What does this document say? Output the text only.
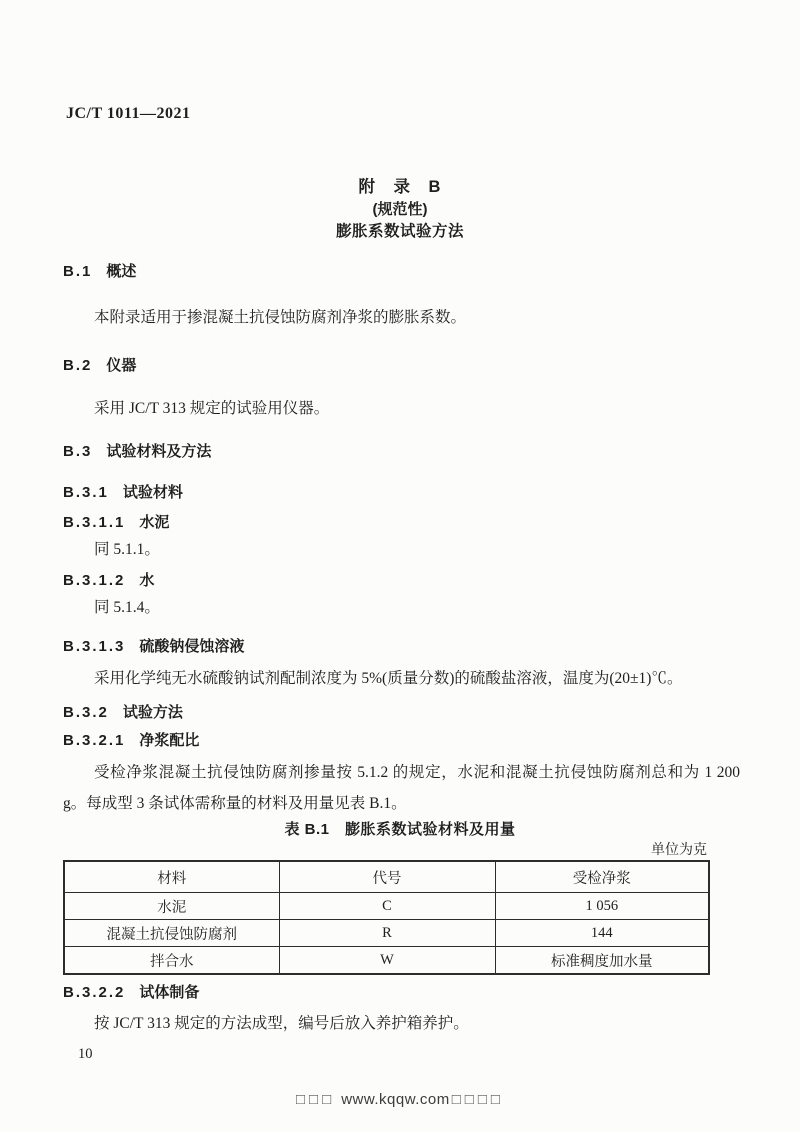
JC/T 1011—2021
附　录　B
(规范性)
膨胀系数试验方法
B.1 概述
本附录适用于掺混凝土抗侵蚀防腐剂净浆的膨胀系数。
B.2 仪器
采用 JC/T 313 规定的试验用仪器。
B.3 试验材料及方法
B.3.1 试验材料
B.3.1.1 水泥
同 5.1.1。
B.3.1.2 水
同 5.1.4。
B.3.1.3 硫酸钠侵蚀溶液
采用化学纯无水硫酸钠试剂配制浓度为 5%(质量分数)的硫酸盐溶液，温度为(20±1)℃。
B.3.2 试验方法
B.3.2.1 净浆配比
受检净浆混凝土抗侵蚀防腐剂掺量按 5.1.2 的规定，水泥和混凝土抗侵蚀防腐剂总和为 1 200 g。每成型 3 条试体需称量的材料及用量见表 B.1。
表 B.1　膨胀系数试验材料及用量
单位为克
材料	代号	受检净浆
水泥	C	1 056
混凝土抗侵蚀防腐剂	R	144
拌合水	W	标准稠度加水量
B.3.2.2 试体制备
按 JC/T 313 规定的方法成型，编号后放入养护箱养护。
10
□□□ www.kqqw.com □□□□
